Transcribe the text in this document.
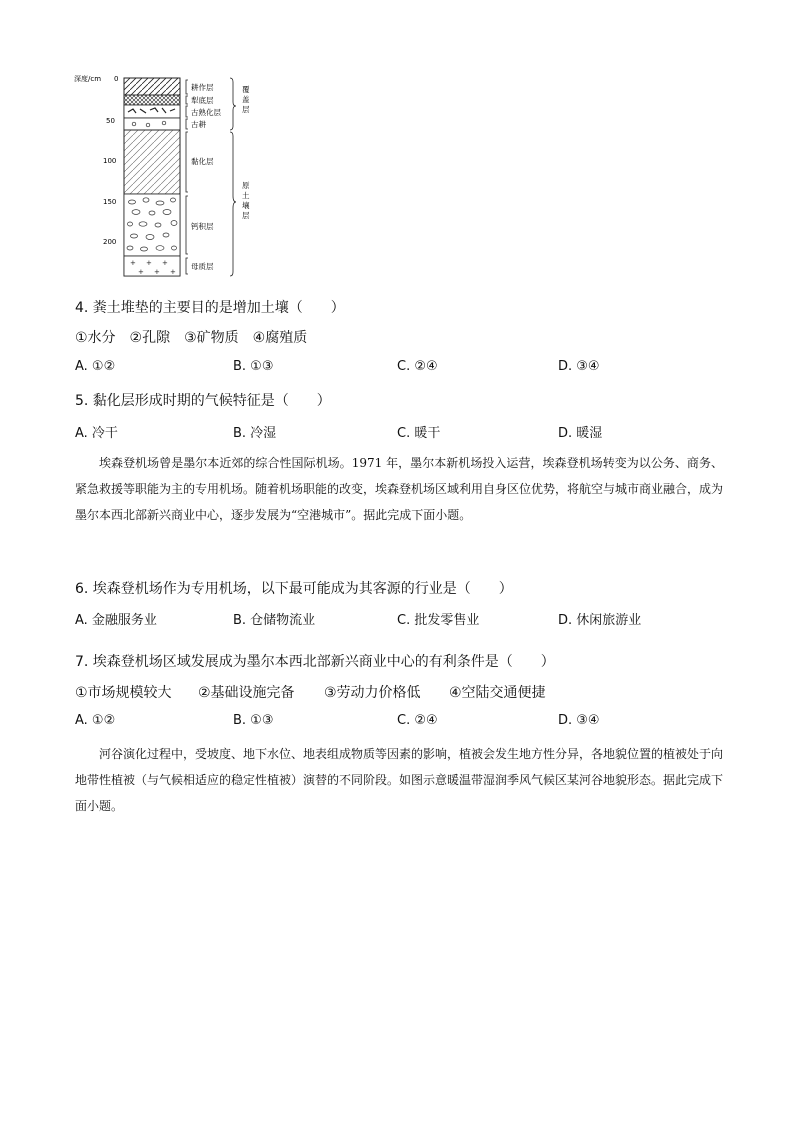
深度/cm 0
50
100
150
200
+ + +
+ + +
耕作层
犁底层
古熟化层
古耕
黏化层
钙积层
母质层
覆
盖
层
原
土
壤
层
4. 粪土堆垫的主要目的是增加土壤（　　）
①水分　②孔隙　③矿物质　④腐殖质
A. ①②	B. ①③	C. ②④	D. ③④
5. 黏化层形成时期的气候特征是（　　）
A. 冷干	B. 冷湿	C. 暖干	D. 暖湿

埃森登机场曾是墨尔本近郊的综合性国际机场。1971 年，墨尔本新机场投入运营，埃森登机场转变为以公务、商务、紧急救援等职能为主的专用机场。随着机场职能的改变，埃森登机场区域利用自身区位优势，将航空与城市商业融合，成为墨尔本西北部新兴商业中心，逐步发展为“空港城市”。据此完成下面小题。

6. 埃森登机场作为专用机场，以下最可能成为其客源的行业是（　　）
A. 金融服务业	B. 仓储物流业	C. 批发零售业	D. 休闲旅游业
7. 埃森登机场区域发展成为墨尔本西北部新兴商业中心的有利条件是（　　）
①市场规模较大 ②基础设施完备 ③劳动力价格低 ④空陆交通便捷
A. ①②	B. ①③	C. ②④	D. ③④

河谷演化过程中，受坡度、地下水位、地表组成物质等因素的影响，植被会发生地方性分异，各地貌位置的植被处于向地带性植被（与气候相适应的稳定性植被）演替的不同阶段。如图示意暖温带湿润季风气候区某河谷地貌形态。据此完成下面小题。
